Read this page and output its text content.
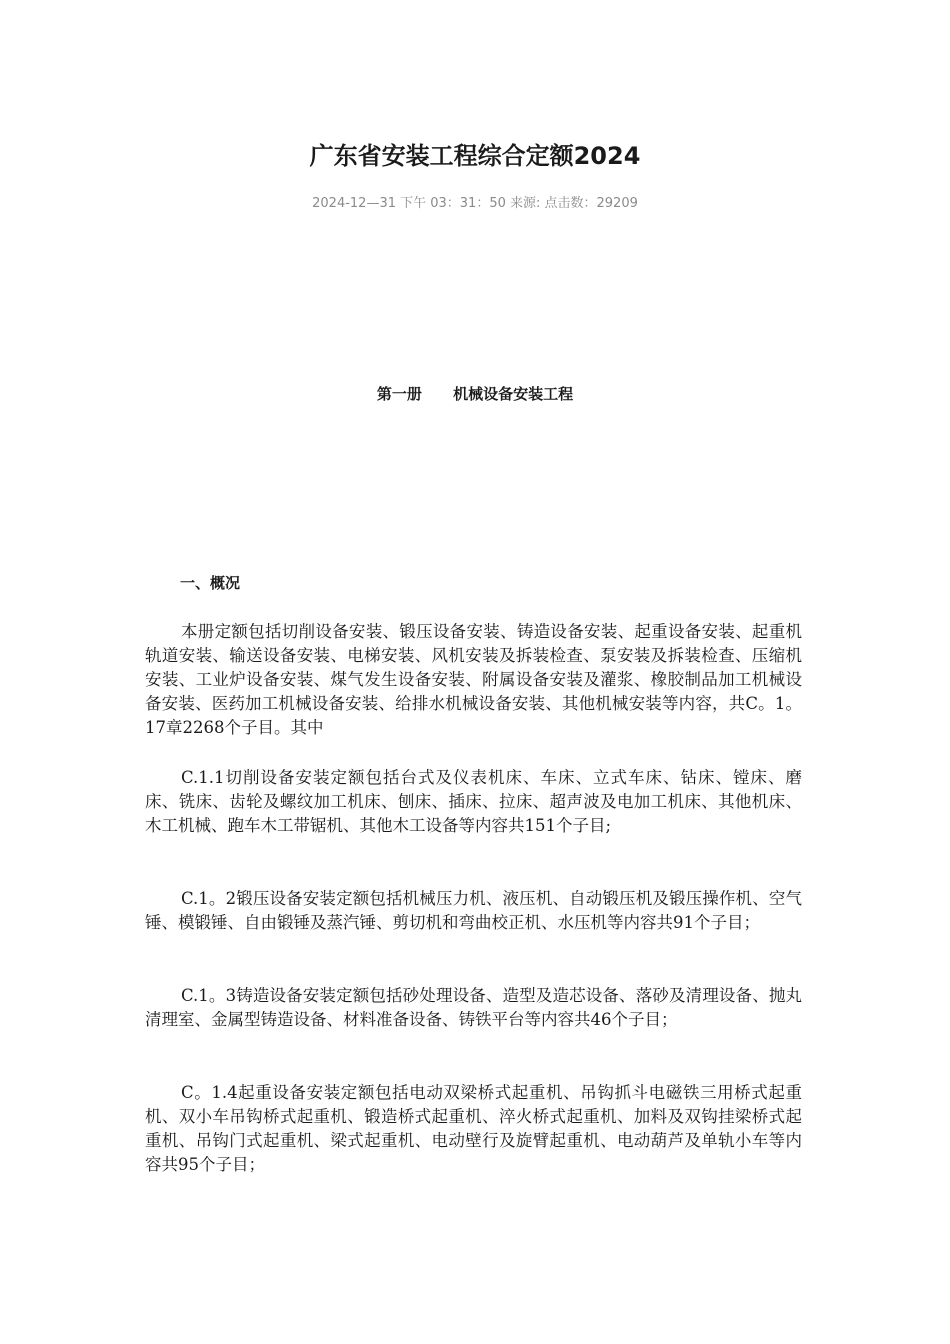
广东省安装工程综合定额2024
2024-12—31 下午 03：31：50 来源: 点击数：29209
第一册      机械设备安装工程
一、概况

本册定额包括切削设备安装、锻压设备安装、铸造设备安装、起重设备安装、起重机轨道安装、输送设备安装、电梯安装、风机安装及拆装检查、泵安装及拆装检查、压缩机安装、工业炉设备安装、煤气发生设备安装、附属设备安装及灌浆、橡胶制品加工机械设备安装、医药加工机械设备安装、给排水机械设备安装、其他机械安装等内容，共C。1。17章2268个子目。其中

C.1.1切削设备安装定额包括台式及仪表机床、车床、立式车床、钻床、镗床、磨床、铣床、齿轮及螺纹加工机床、刨床、插床、拉床、超声波及电加工机床、其他机床、木工机械、跑车木工带锯机、其他木工设备等内容共151个子目;

C.1。2锻压设备安装定额包括机械压力机、液压机、自动锻压机及锻压操作机、空气锤、模锻锤、自由锻锤及蒸汽锤、剪切机和弯曲校正机、水压机等内容共91个子目；

C.1。3铸造设备安装定额包括砂处理设备、造型及造芯设备、落砂及清理设备、抛丸清理室、金属型铸造设备、材料准备设备、铸铁平台等内容共46个子目；

C。1.4起重设备安装定额包括电动双梁桥式起重机、吊钩抓斗电磁铁三用桥式起重机、双小车吊钩桥式起重机、锻造桥式起重机、淬火桥式起重机、加料及双钩挂梁桥式起重机、吊钩门式起重机、梁式起重机、电动壁行及旋臂起重机、电动葫芦及单轨小车等内容共95个子目；
